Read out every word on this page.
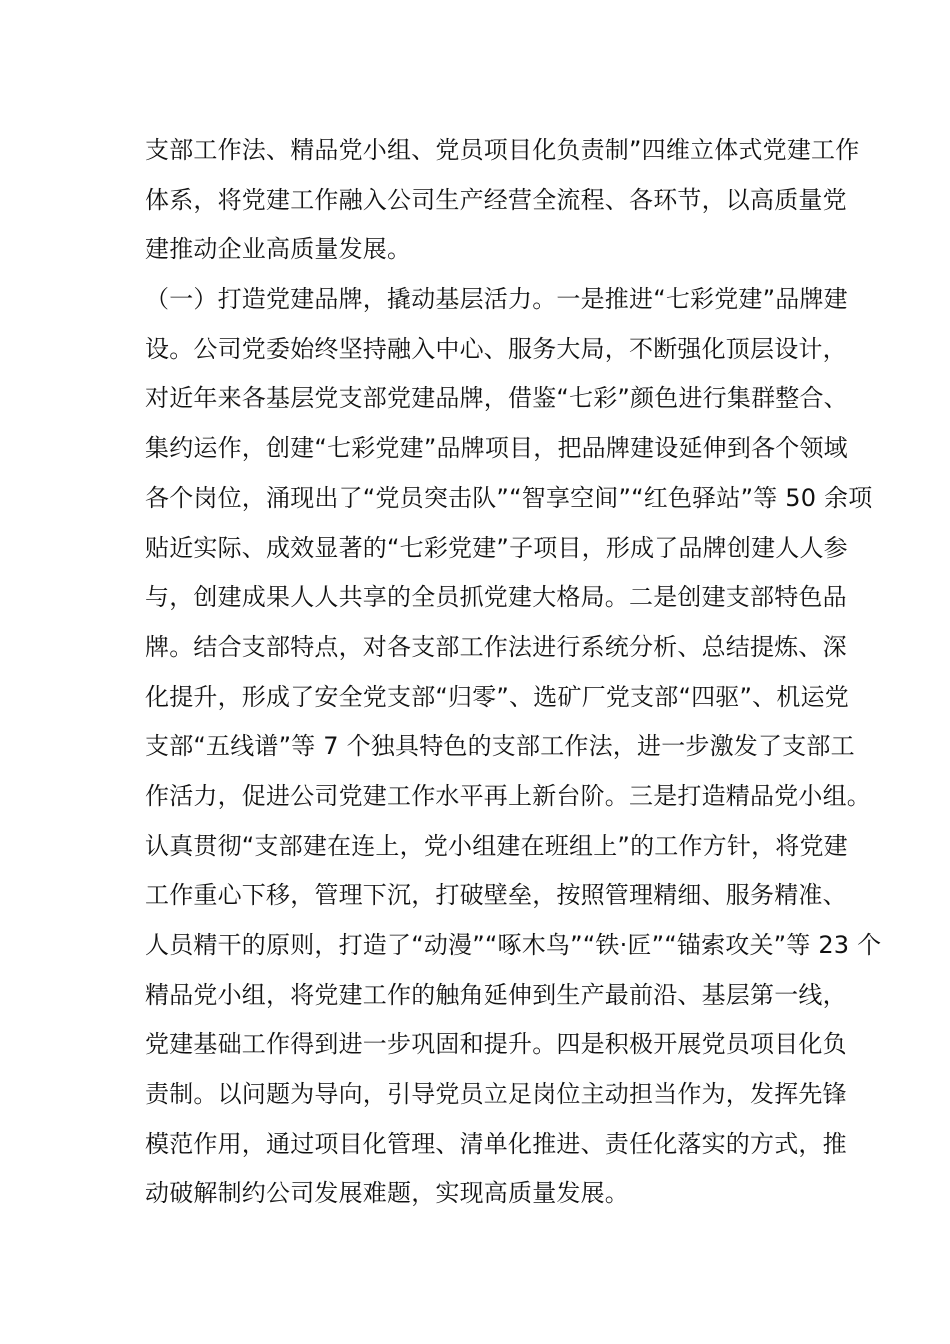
支部工作法、精品党小组、党员项目化负责制”四维立体式党建工作
体系，将党建工作融入公司生产经营全流程、各环节，以高质量党
建推动企业高质量发展。
（一）打造党建品牌，撬动基层活力。一是推进“七彩党建”品牌建
设。公司党委始终坚持融入中心、服务大局，不断强化顶层设计，
对近年来各基层党支部党建品牌，借鉴“七彩”颜色进行集群整合、
集约运作，创建“七彩党建”品牌项目，把品牌建设延伸到各个领域
各个岗位，涌现出了“党员突击队”“智享空间”“红色驿站”等 50 余项
贴近实际、成效显著的“七彩党建”子项目，形成了品牌创建人人参
与，创建成果人人共享的全员抓党建大格局。二是创建支部特色品
牌。结合支部特点，对各支部工作法进行系统分析、总结提炼、深
化提升，形成了安全党支部“归零”、选矿厂党支部“四驱”、机运党
支部“五线谱”等 7 个独具特色的支部工作法，进一步激发了支部工
作活力，促进公司党建工作水平再上新台阶。三是打造精品党小组。
认真贯彻“支部建在连上，党小组建在班组上”的工作方针，将党建
工作重心下移，管理下沉，打破壁垒，按照管理精细、服务精准、
人员精干的原则，打造了“动漫”“啄木鸟”“铁·匠”“锚索攻关”等 23 个
精品党小组，将党建工作的触角延伸到生产最前沿、基层第一线，
党建基础工作得到进一步巩固和提升。四是积极开展党员项目化负
责制。以问题为导向，引导党员立足岗位主动担当作为，发挥先锋
模范作用，通过项目化管理、清单化推进、责任化落实的方式，推
动破解制约公司发展难题，实现高质量发展。
